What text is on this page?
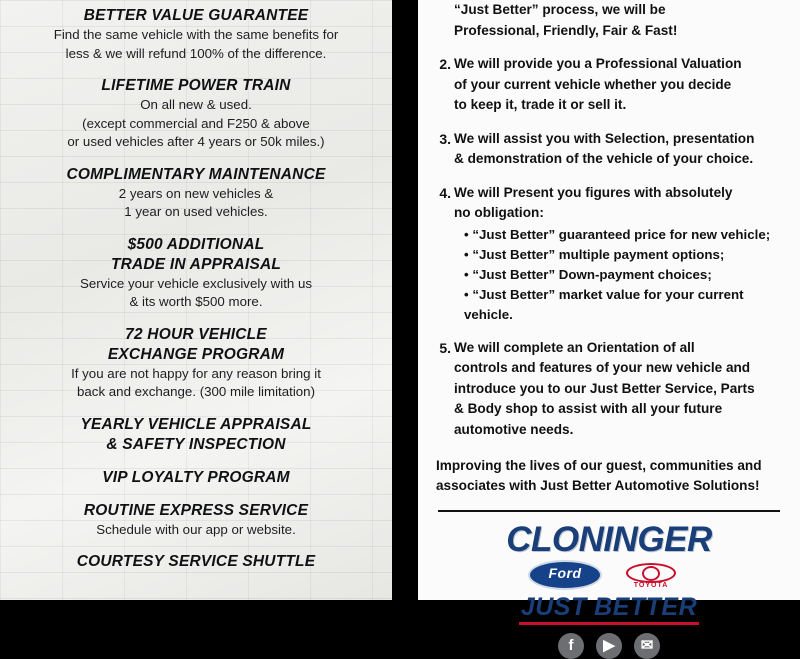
BETTER VALUE GUARANTEE
Find the same vehicle with the same benefits for
less & we will refund 100% of the difference.
LIFETIME POWER TRAIN
On all new & used.
(except commercial and F250 & above
or used vehicles after 4 years or 50k miles.)
COMPLIMENTARY MAINTENANCE
2 years on new vehicles &
1 year on used vehicles.
$500 ADDITIONAL
TRADE IN APPRAISAL
Service your vehicle exclusively with us
& its worth $500 more.
72 HOUR VEHICLE
EXCHANGE PROGRAM
If you are not happy for any reason bring it
back and exchange. (300 mile limitation)
YEARLY VEHICLE APPRAISAL
& SAFETY INSPECTION
VIP LOYALTY PROGRAM
ROUTINE EXPRESS SERVICE
Schedule with our app or website.
COURTESY SERVICE SHUTTLE
“Just Better” process, we will be
Professional, Friendly, Fair & Fast!
2. We will provide you a Professional Valuation
of your current vehicle whether you decide
to keep it, trade it or sell it.
3. We will assist you with Selection, presentation
& demonstration of the vehicle of your choice.
4. We will Present you figures with absolutely
no obligation:
• “Just Better” guaranteed price for new vehicle;
• “Just Better” multiple payment options;
• “Just Better” Down-payment choices;
• “Just Better” market value for your current vehicle.
5. We will complete an Orientation of all
controls and features of your new vehicle and
introduce you to our Just Better Service, Parts
& Body shop to assist with all your future
automotive needs.
Improving the lives of our guest, communities and
associates with Just Better Automotive Solutions!
CLONINGER
Ford
TOYOTA
JUST BETTER
f	▶	✉
